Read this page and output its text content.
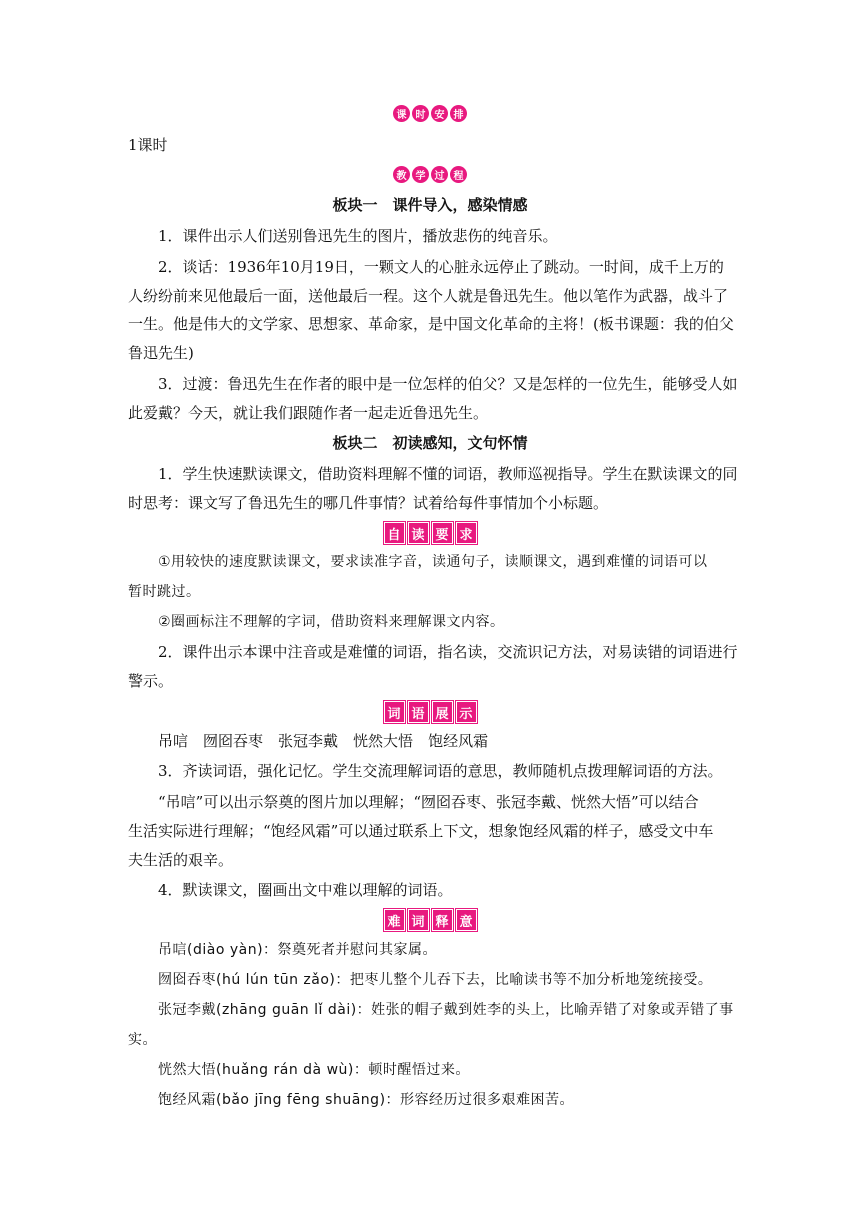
课 时 安 排
1课时
教 学 过 程
板块一　课件导入，感染情感
1．课件出示人们送别鲁迅先生的图片，播放悲伤的纯音乐。
2．谈话：1936年10月19日，一颗文人的心脏永远停止了跳动。一时间，成千上万的
人纷纷前来见他最后一面，送他最后一程。这个人就是鲁迅先生。他以笔作为武器，战斗了
一生。他是伟大的文学家、思想家、革命家，是中国文化革命的主将！(板书课题：我的伯父
鲁迅先生)
3．过渡：鲁迅先生在作者的眼中是一位怎样的伯父？又是怎样的一位先生，能够受人如
此爱戴？今天，就让我们跟随作者一起走近鲁迅先生。
板块二　初读感知，文句怀情
1．学生快速默读课文，借助资料理解不懂的词语，教师巡视指导。学生在默读课文的同
时思考：课文写了鲁迅先生的哪几件事情？试着给每件事情加个小标题。
自 读 要 求
①用较快的速度默读课文，要求读准字音，读通句子，读顺课文，遇到难懂的词语可以
暂时跳过。
②圈画标注不理解的字词，借助资料来理解课文内容。
2．课件出示本课中注音或是难懂的词语，指名读，交流识记方法，对易读错的词语进行
警示。
词 语 展 示
吊唁 囫囵吞枣 张冠李戴 恍然大悟 饱经风霜
3．齐读词语，强化记忆。学生交流理解词语的意思，教师随机点拨理解词语的方法。
“吊唁”可以出示祭奠的图片加以理解；“囫囵吞枣、张冠李戴、恍然大悟”可以结合
生活实际进行理解；“饱经风霜”可以通过联系上下文，想象饱经风霜的样子，感受文中车
夫生活的艰辛。
4．默读课文，圈画出文中难以理解的词语。
难 词 释 意
吊唁(diào yàn)：祭奠死者并慰问其家属。
囫囵吞枣(hú lún tūn zǎo)：把枣儿整个儿吞下去，比喻读书等不加分析地笼统接受。
张冠李戴(zhāng guān lǐ dài)：姓张的帽子戴到姓李的头上，比喻弄错了对象或弄错了事
实。
恍然大悟(huǎng rán dà wù)：顿时醒悟过来。
饱经风霜(bǎo jīng fēng shuāng)：形容经历过很多艰难困苦。
